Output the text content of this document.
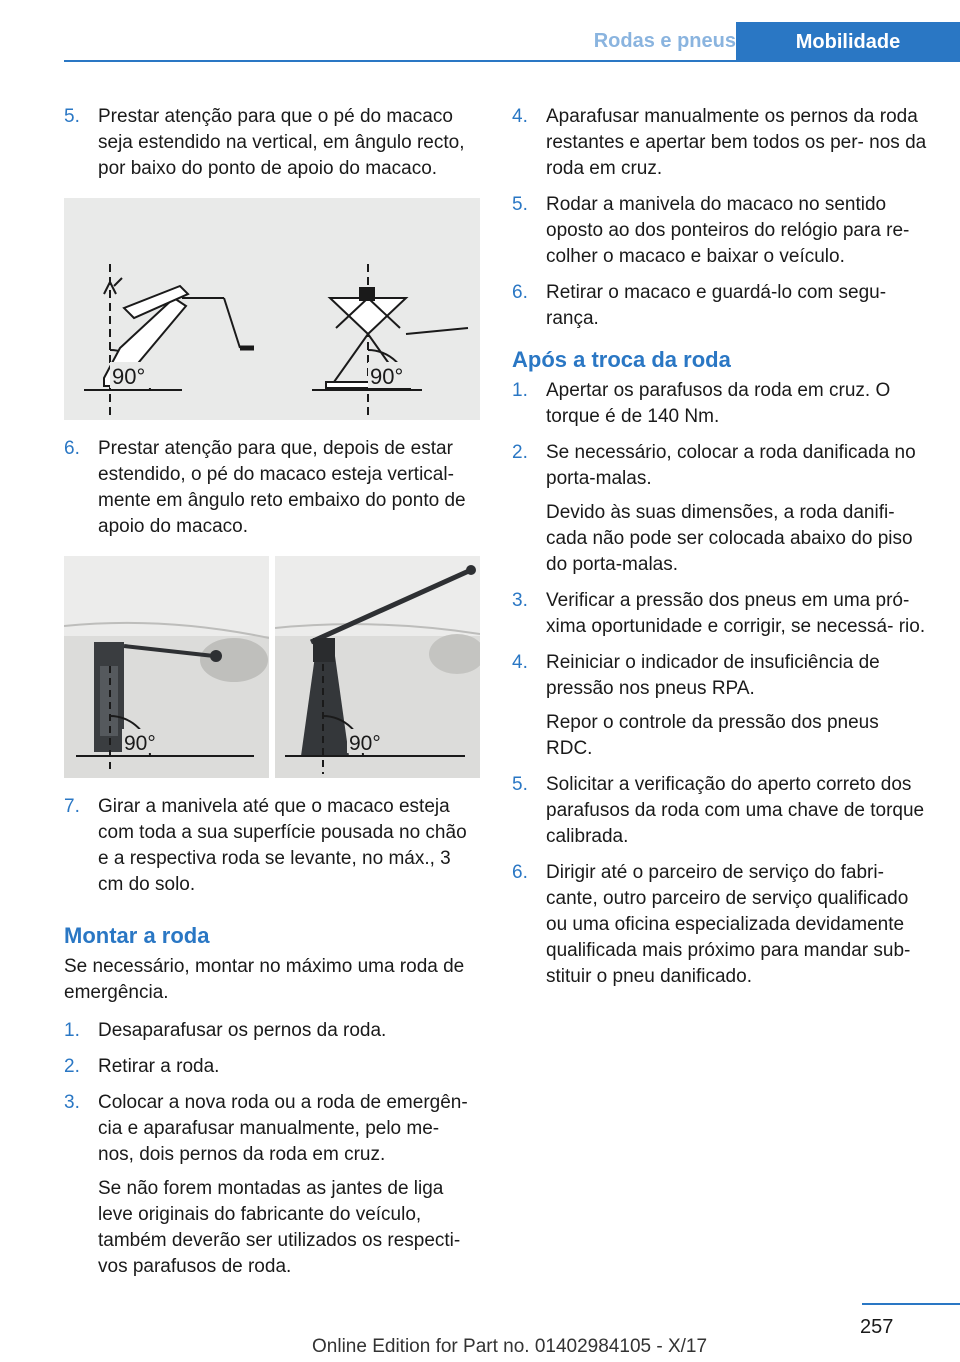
Rodas e pneus	Mobilidade
5. Prestar atenção para que o pé do macaco seja estendido na vertical, em ângulo recto, por baixo do ponto de apoio do macaco.

90°	90°
6. Prestar atenção para que, depois de estar estendido, o pé do macaco esteja vertical- mente em ângulo reto embaixo do ponto de apoio do macaco.

90°	90°
7. Girar a manivela até que o macaco esteja com toda a sua superfície pousada no chão e a respectiva roda se levante, no máx., 3 cm do solo.

Montar a roda

Se necessário, montar no máximo uma roda de emergência.

1. Desaparafusar os pernos da roda.

2. Retirar a roda.

3. Colocar a nova roda ou a roda de emergên- cia e aparafusar manualmente, pelo me- nos, dois pernos da roda em cruz.

Se não forem montadas as jantes de liga leve originais do fabricante do veículo, também deverão ser utilizados os respecti- vos parafusos de roda.

4. Aparafusar manualmente os pernos da roda restantes e apertar bem todos os per- nos da roda em cruz.

5. Rodar a manivela do macaco no sentido oposto ao dos ponteiros do relógio para re- colher o macaco e baixar o veículo.

6. Retirar o macaco e guardá-lo com segu- rança.

Após a troca da roda
1. Apertar os parafusos da roda em cruz. O torque é de 140 Nm.

2. Se necessário, colocar a roda danificada no porta-malas.

Devido às suas dimensões, a roda danifi- cada não pode ser colocada abaixo do piso do porta-malas.

3. Verificar a pressão dos pneus em uma pró- xima oportunidade e corrigir, se necessá- rio.

4. Reiniciar o indicador de insuficiência de pressão nos pneus RPA.

Repor o controle da pressão dos pneus RDC.

5. Solicitar a verificação do aperto correto dos parafusos da roda com uma chave de torque calibrada.

6. Dirigir até o parceiro de serviço do fabri- cante, outro parceiro de serviço qualificado ou uma oficina especializada devidamente qualificada mais próximo para mandar sub- stituir o pneu danificado.

257
Online Edition for Part no. 01402984105 - X/17
